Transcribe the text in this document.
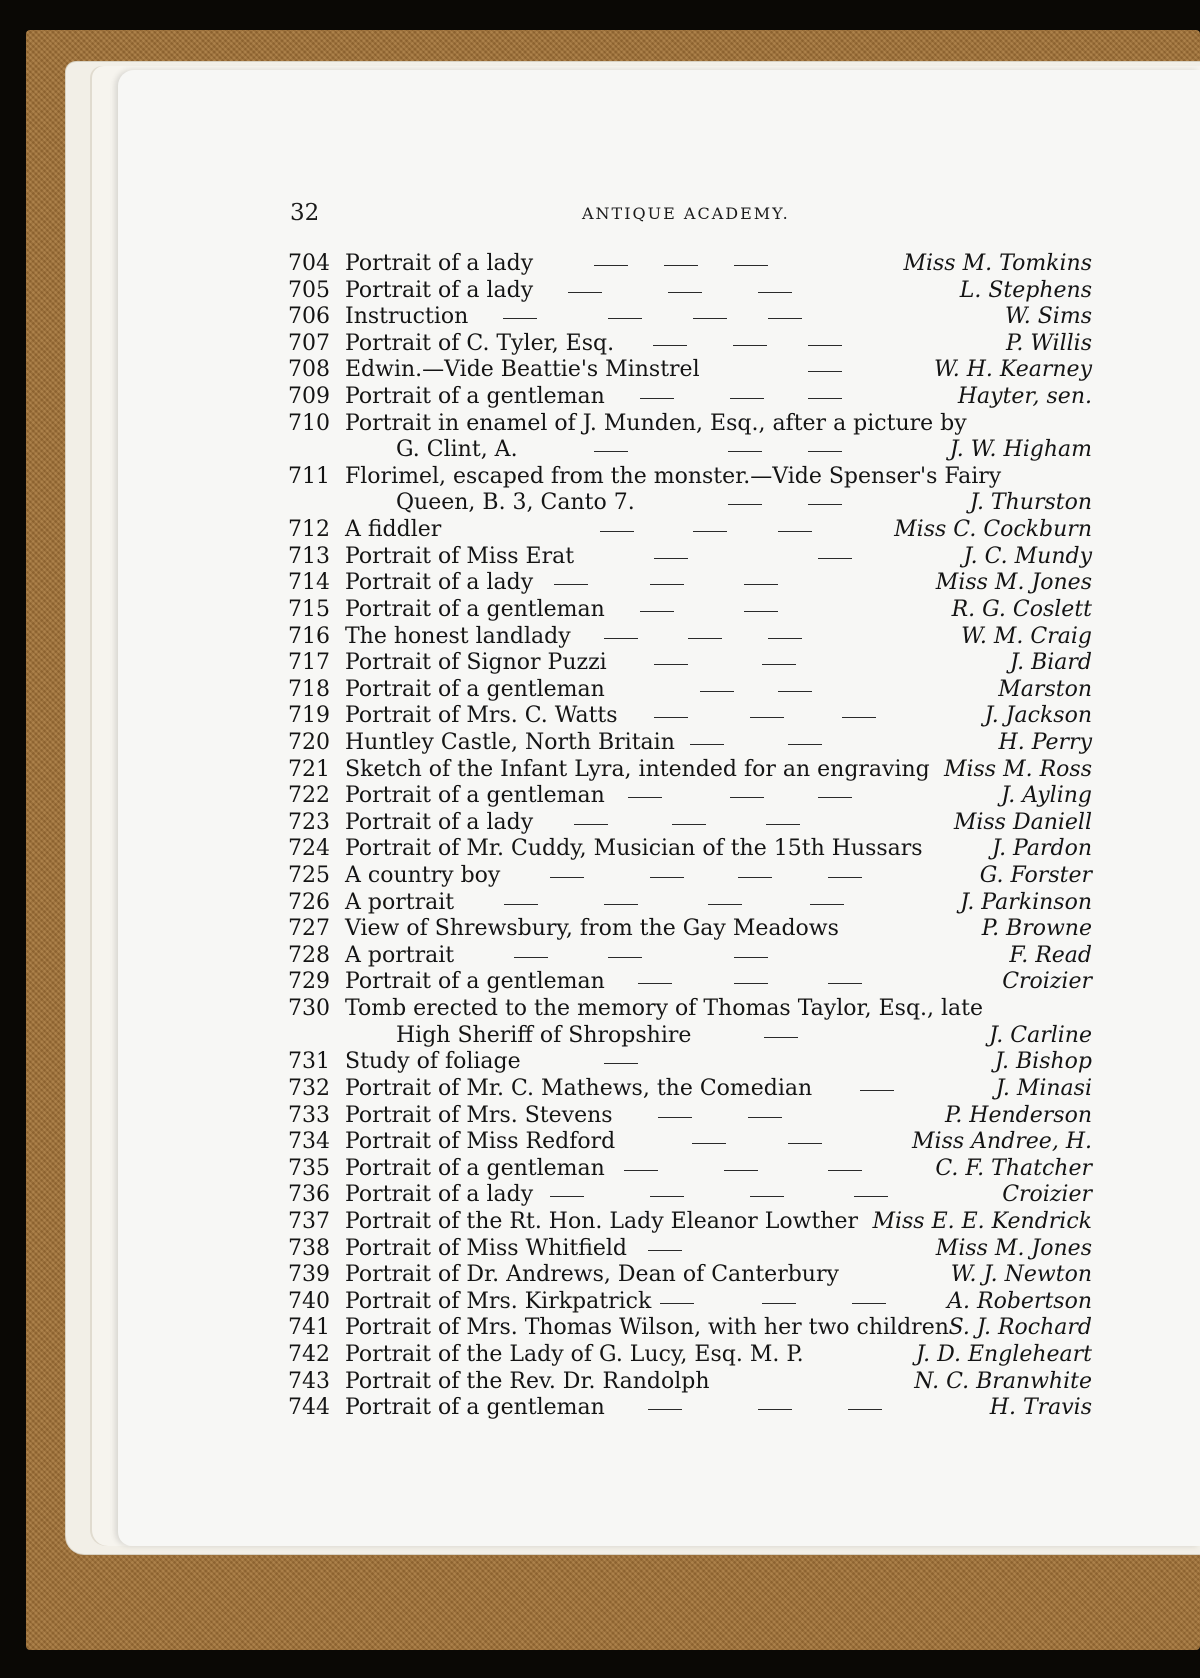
32	ANTIQUE ACADEMY.
704 Portrait of a lady	Miss M. Tomkins
705 Portrait of a lady	L. Stephens
706 Instruction	W. Sims
707 Portrait of C. Tyler, Esq.	P. Willis
708 Edwin.—Vide Beattie's Minstrel	W. H. Kearney
709 Portrait of a gentleman	Hayter, sen.
710 Portrait in enamel of J. Munden, Esq., after a picture by
G. Clint, A.	J. W. Higham
711 Florimel, escaped from the monster.—Vide Spenser's Fairy
Queen, B. 3, Canto 7.	J. Thurston
712 A fiddler	Miss C. Cockburn
713 Portrait of Miss Erat	J. C. Mundy
714 Portrait of a lady	Miss M. Jones
715 Portrait of a gentleman	R. G. Coslett
716 The honest landlady	W. M. Craig
717 Portrait of Signor Puzzi	J. Biard
718 Portrait of a gentleman	Marston
719 Portrait of Mrs. C. Watts	J. Jackson
720 Huntley Castle, North Britain	H. Perry
721 Sketch of the Infant Lyra, intended for an engraving Miss M. Ross
722 Portrait of a gentleman	J. Ayling
723 Portrait of a lady	Miss Daniell
724 Portrait of Mr. Cuddy, Musician of the 15th Hussars	J. Pardon
725 A country boy	G. Forster
726 A portrait	J. Parkinson
727 View of Shrewsbury, from the Gay Meadows	P. Browne
728 A portrait	F. Read
729 Portrait of a gentleman	Croizier
730 Tomb erected to the memory of Thomas Taylor, Esq., late
High Sheriff of Shropshire	J. Carline
731 Study of foliage	J. Bishop
732 Portrait of Mr. C. Mathews, the Comedian	J. Minasi
733 Portrait of Mrs. Stevens	P. Henderson
734 Portrait of Miss Redford	Miss Andree, H.
735 Portrait of a gentleman	C. F. Thatcher
736 Portrait of a lady	Croizier
737 Portrait of the Rt. Hon. Lady Eleanor Lowther Miss E. E. Kendrick
738 Portrait of Miss Whitfield	Miss M. Jones
739 Portrait of Dr. Andrews, Dean of Canterbury	W. J. Newton
740 Portrait of Mrs. Kirkpatrick	A. Robertson
741 Portrait of Mrs. Thomas Wilson, with her two children S. J. Rochard
742 Portrait of the Lady of G. Lucy, Esq. M. P.	J. D. Engleheart
743 Portrait of the Rev. Dr. Randolph	N. C. Branwhite
744 Portrait of a gentleman	H. Travis
